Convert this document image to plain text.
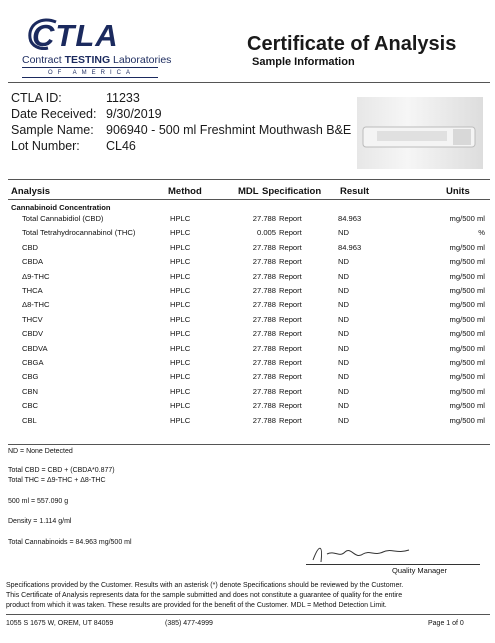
CTLA
Contract TESTING Laboratories
OF AMERICA
Certificate of Analysis
Sample Information
CTLA ID:	11233
Date Received: 9/30/2019
Sample Name: 906940 - 500 ml Freshmint Mouthwash B&E
Lot Number: CL46
Analysis	Method	MDL Specification Result	Units
Cannabinoid Concentration
Total Cannabidiol (CBD)	HPLC	27.788 Report	84.963	mg/500 ml
Total Tetrahydrocannabinol (THC)	HPLC	0.005 Report	ND	%
CBD	HPLC	27.788 Report	84.963	mg/500 ml
CBDA	HPLC	27.788 Report	ND	mg/500 ml
Δ9-THC	HPLC	27.788 Report	ND	mg/500 ml
THCA	HPLC	27.788 Report	ND	mg/500 ml
Δ8-THC	HPLC	27.788 Report	ND	mg/500 ml
THCV	HPLC	27.788 Report	ND	mg/500 ml
CBDV	HPLC	27.788 Report	ND	mg/500 ml
CBDVA	HPLC	27.788 Report	ND	mg/500 ml
CBGA	HPLC	27.788 Report	ND	mg/500 ml
CBG	HPLC	27.788 Report	ND	mg/500 ml
CBN	HPLC	27.788 Report	ND	mg/500 ml
CBC	HPLC	27.788 Report	ND	mg/500 ml
CBL	HPLC	27.788 Report	ND	mg/500 ml
ND = None Detected
Total CBD = CBD + (CBDA*0.877)
Total THC = Δ9-THC + Δ8-THC
500 ml = 557.090 g
Density = 1.114 g/ml
Total Cannabinoids = 84.963 mg/500 ml
Quality Manager
Specifications provided by the Customer. Results with an asterisk (*) denote Specifications should be reviewed by the Customer.
This Certificate of Analysis represents data for the sample submitted and does not constitute a guarantee of quality for the entire
product from which it was taken. These results are provided for the benefit of the Customer. MDL = Method Detection Limit.
1055 S 1675 W, OREM, UT 84059	(385) 477-4999	Page 1 of 0
